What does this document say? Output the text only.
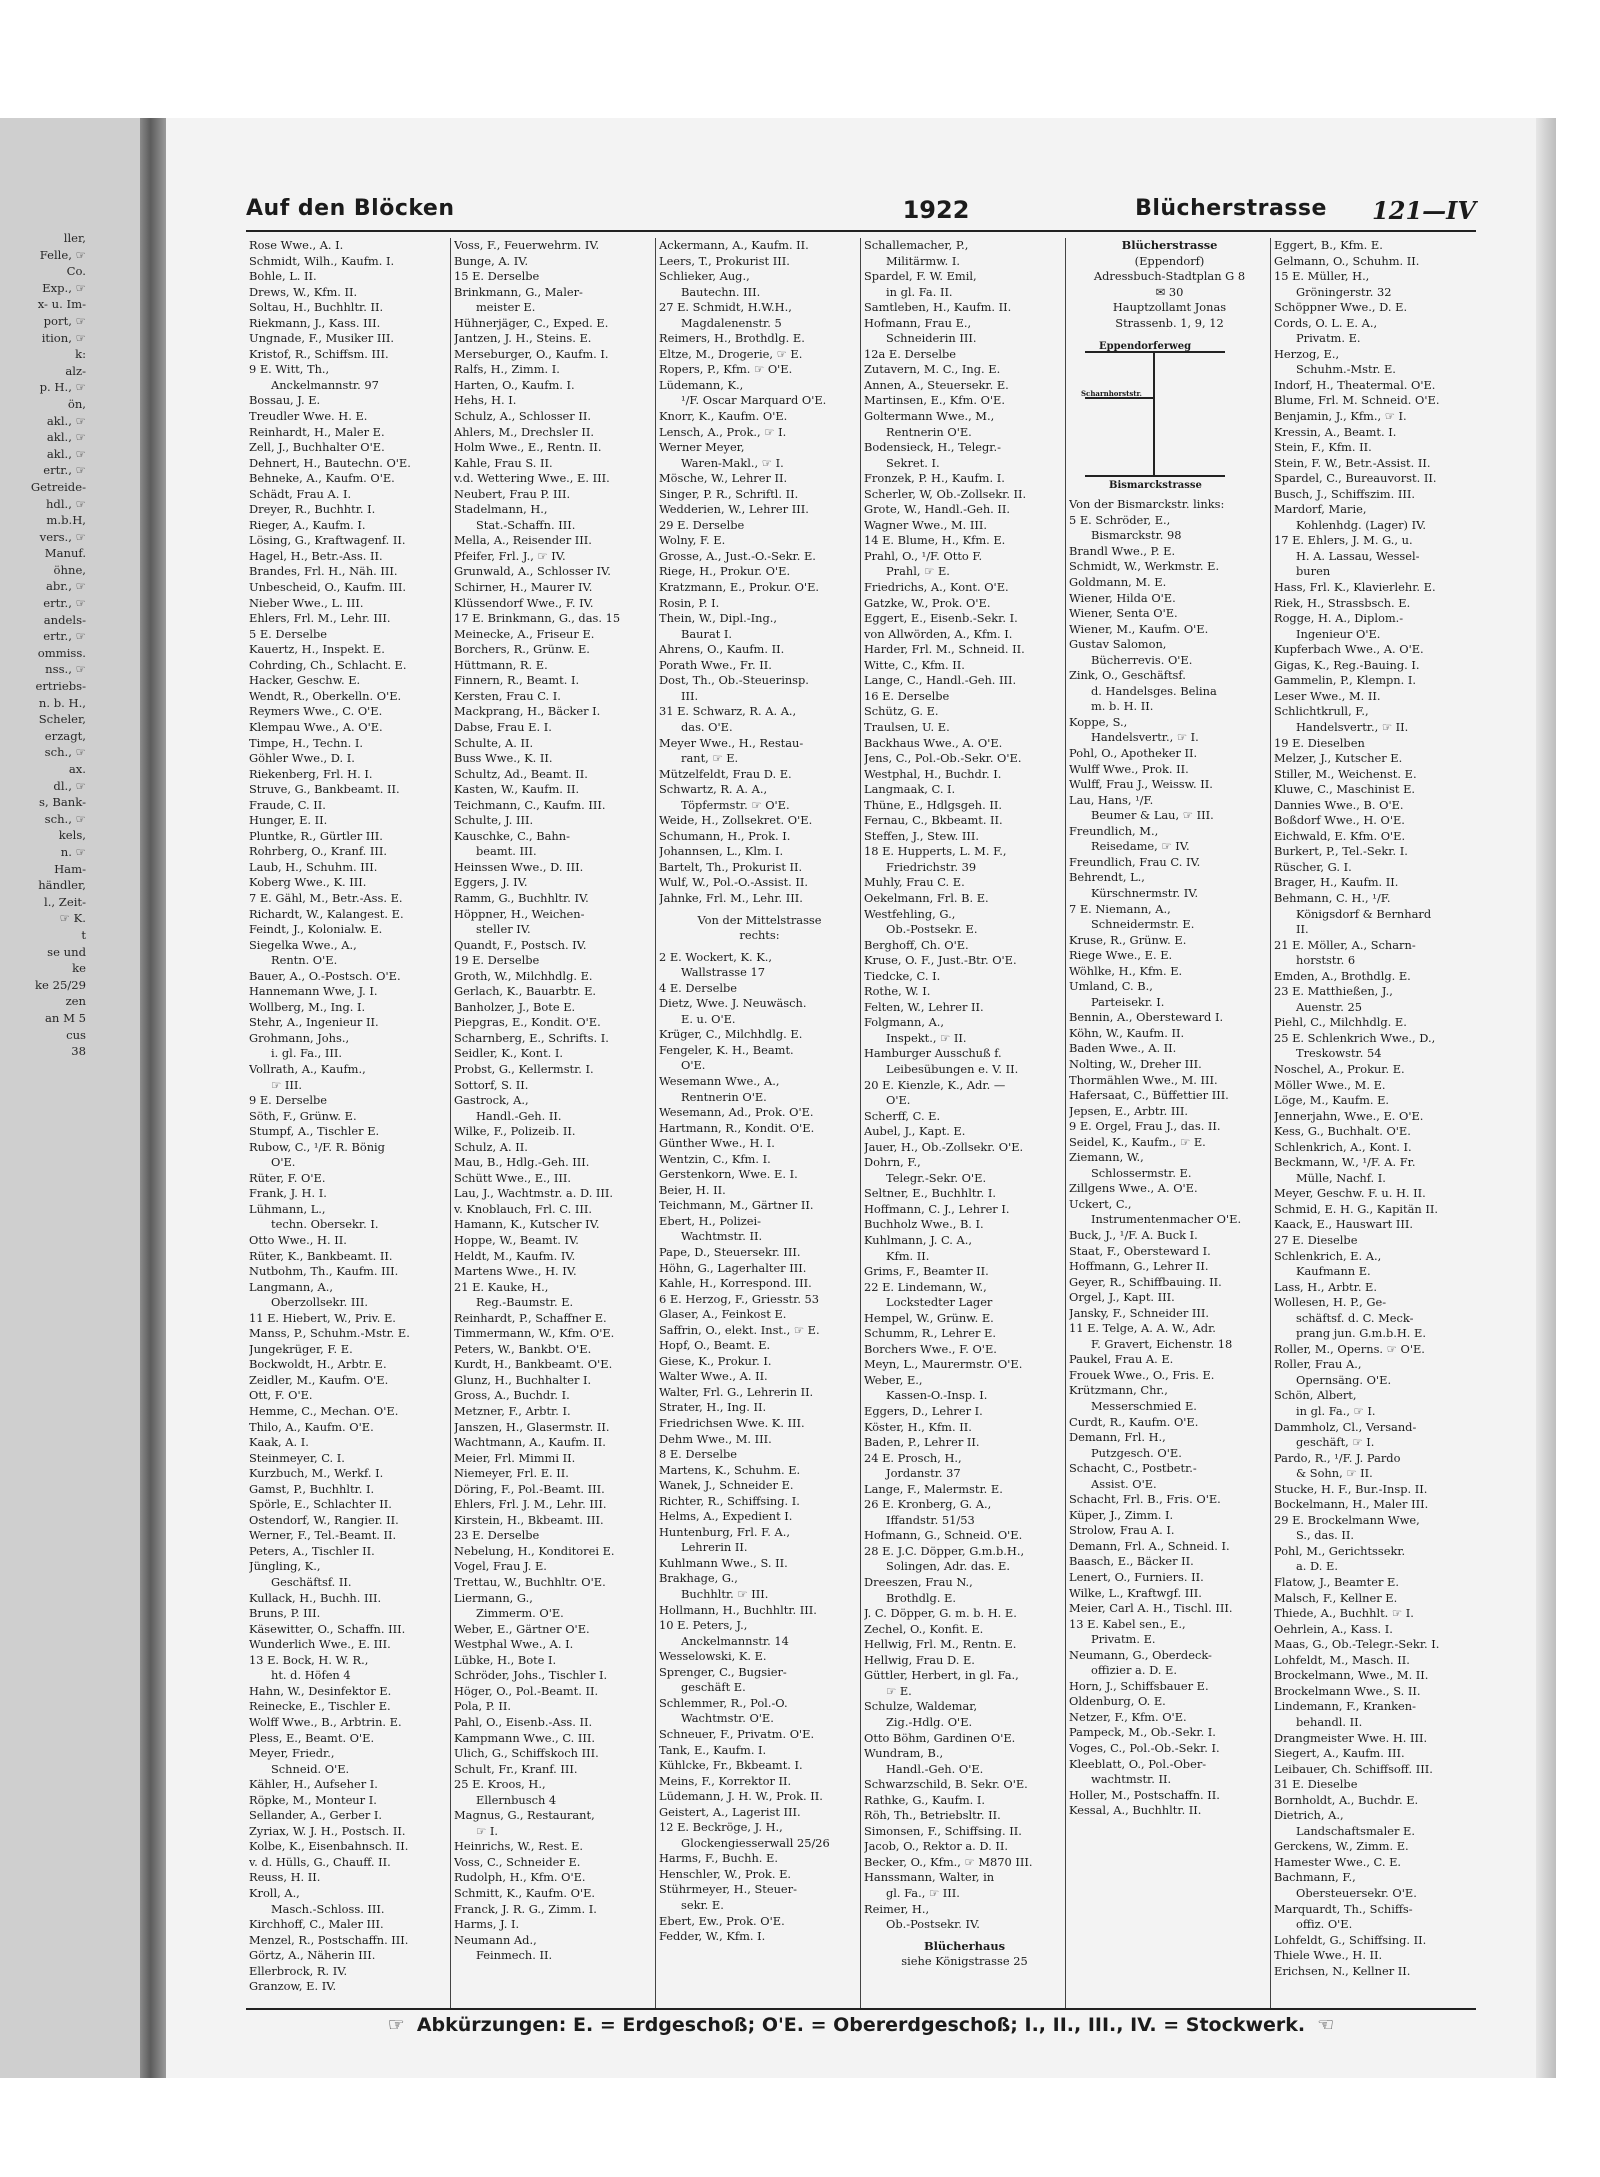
ller,
Felle, ☞
Co.
Exp., ☞
x- u. Im-
port, ☞
ition, ☞
k:
alz-
p. H., ☞
ön,
akl., ☞
akl., ☞
akl., ☞
ertr., ☞
Getreide-
hdl., ☞
m.b.H,
vers., ☞
Manuf.
öhne,
abr., ☞
ertr., ☞
andels-
ertr., ☞
ommiss.
nss., ☞
ertriebs-
n. b. H.,
Scheler,
erzagt,
sch., ☞
ax.
dl., ☞
s, Bank-
sch., ☞
kels,
n. ☞
Ham-
händler,
l., Zeit-
☞ K.
t
se und
ke
ke 25/29
zen
an M 5
cus
38
Auf den Blöcken	1922	Blücherstrasse 121—IV
Rose Wwe., A. I.
Schmidt, Wilh., Kaufm. I.
Bohle, L. II.
Drews, W., Kfm. II.
Soltau, H., Buchhltr. II.
Riekmann, J., Kass. III.
Ungnade, F., Musiker III.
Kristof, R., Schiffsm. III.
9 E. Witt, Th.,
Anckelmannstr. 97
Bossau, J. E.
Treudler Wwe. H. E.
Reinhardt, H., Maler E.
Zell, J., Buchhalter O'E.
Dehnert, H., Bautechn. O'E.
Behneke, A., Kaufm. O'E.
Schädt, Frau A. I.
Dreyer, R., Buchhtr. I.
Rieger, A., Kaufm. I.
Lösing, G., Kraftwagenf. II.
Hagel, H., Betr.-Ass. II.
Brandes, Frl. H., Näh. III.
Unbescheid, O., Kaufm. III.
Nieber Wwe., L. III.
Ehlers, Frl. M., Lehr. III.
5 E. Derselbe
Kauertz, H., Inspekt. E.
Cohrding, Ch., Schlacht. E.
Hacker, Geschw. E.
Wendt, R., Oberkelln. O'E.
Reymers Wwe., C. O'E.
Klempau Wwe., A. O'E.
Timpe, H., Techn. I.
Göhler Wwe., D. I.
Riekenberg, Frl. H. I.
Struve, G., Bankbeamt. II.
Fraude, C. II.
Hunger, E. II.
Pluntke, R., Gürtler III.
Rohrberg, O., Kranf. III.
Laub, H., Schuhm. III.
Koberg Wwe., K. III.
7 E. Gähl, M., Betr.-Ass. E.
Richardt, W., Kalangest. E.
Feindt, J., Kolonialw. E.
Siegelka Wwe., A.,
Rentn. O'E.
Bauer, A., O.-Postsch. O'E.
Hannemann Wwe, J. I.
Wollberg, M., Ing. I.
Stehr, A., Ingenieur II.
Grohmann, Johs.,
i. gl. Fa., III.
Vollrath, A., Kaufm.,
☞ III.
9 E. Derselbe
Söth, F., Grünw. E.
Stumpf, A., Tischler E.
Rubow, C., ¹/F. R. Bönig
O'E.
Rüter, F. O'E.
Frank, J. H. I.
Lühmann, L.,
techn. Obersekr. I.
Otto Wwe., H. II.
Rüter, K., Bankbeamt. II.
Nutbohm, Th., Kaufm. III.
Langmann, A.,
Oberzollsekr. III.
11 E. Hiebert, W., Priv. E.
Manss, P., Schuhm.-Mstr. E.
Jungekrüger, F. E.
Bockwoldt, H., Arbtr. E.
Zeidler, M., Kaufm. O'E.
Ott, F. O'E.
Hemme, C., Mechan. O'E.
Thilo, A., Kaufm. O'E.
Kaak, A. I.
Steinmeyer, C. I.
Kurzbuch, M., Werkf. I.
Gamst, P., Buchhltr. I.
Spörle, E., Schlachter II.
Ostendorf, W., Rangier. II.
Werner, F., Tel.-Beamt. II.
Peters, A., Tischler II.
Jüngling, K.,
Geschäftsf. II.
Kullack, H., Buchh. III.
Bruns, P. III.
Käsewitter, O., Schaffn. III.
Wunderlich Wwe., E. III.
13 E. Bock, H. W. R.,
ht. d. Höfen 4
Hahn, W., Desinfektor E.
Reinecke, E., Tischler E.
Wolff Wwe., B., Arbtrin. E.
Pless, E., Beamt. O'E.
Meyer, Friedr.,
Schneid. O'E.
Kähler, H., Aufseher I.
Röpke, M., Monteur I.
Sellander, A., Gerber I.
Zyriax, W. J. H., Postsch. II.
Kolbe, K., Eisenbahnsch. II.
v. d. Hülls, G., Chauff. II.
Reuss, H. II.
Kroll, A.,
Masch.-Schloss. III.
Kirchhoff, C., Maler III.
Menzel, R., Postschaffn. III.
Görtz, A., Näherin III.
Ellerbrock, R. IV.
Granzow, E. IV.
Voss, F., Feuerwehrm. IV.
Bunge, A. IV.
15 E. Derselbe
Brinkmann, G., Maler-
meister E.
Hühnerjäger, C., Exped. E.
Jantzen, J. H., Steins. E.
Merseburger, O., Kaufm. I.
Ralfs, H., Zimm. I.
Harten, O., Kaufm. I.
Hehs, H. I.
Schulz, A., Schlosser II.
Ahlers, M., Drechsler II.
Holm Wwe., E., Rentn. II.
Kahle, Frau S. II.
v.d. Wettering Wwe., E. III.
Neubert, Frau P. III.
Stadelmann, H.,
Stat.-Schaffn. III.
Mella, A., Reisender III.
Pfeifer, Frl. J., ☞ IV.
Grunwald, A., Schlosser IV.
Schirner, H., Maurer IV.
Klüssendorf Wwe., F. IV.
17 E. Brinkmann, G., das. 15
Meinecke, A., Friseur E.
Borchers, R., Grünw. E.
Hüttmann, R. E.
Finnern, R., Beamt. I.
Kersten, Frau C. I.
Mackprang, H., Bäcker I.
Dabse, Frau E. I.
Schulte, A. II.
Buss Wwe., K. II.
Schultz, Ad., Beamt. II.
Kasten, W., Kaufm. II.
Teichmann, C., Kaufm. III.
Schulte, J. III.
Kauschke, C., Bahn-
beamt. III.
Heinssen Wwe., D. III.
Eggers, J. IV.
Ramm, G., Buchhltr. IV.
Höppner, H., Weichen-
steller IV.
Quandt, F., Postsch. IV.
19 E. Derselbe
Groth, W., Milchhdlg. E.
Gerlach, K., Bauarbtr. E.
Banholzer, J., Bote E.
Piepgras, E., Kondit. O'E.
Scharnberg, E., Schrifts. I.
Seidler, K., Kont. I.
Probst, G., Kellermstr. I.
Sottorf, S. II.
Gastrock, A.,
Handl.-Geh. II.
Wilke, F., Polizeib. II.
Schulz, A. II.
Mau, B., Hdlg.-Geh. III.
Schütt Wwe., E., III.
Lau, J., Wachtmstr. a. D. III.
v. Knoblauch, Frl. C. III.
Hamann, K., Kutscher IV.
Hoppe, W., Beamt. IV.
Heldt, M., Kaufm. IV.
Martens Wwe., H. IV.
21 E. Kauke, H.,
Reg.-Baumstr. E.
Reinhardt, P., Schaffner E.
Timmermann, W., Kfm. O'E.
Peters, W., Bankbt. O'E.
Kurdt, H., Bankbeamt. O'E.
Glunz, H., Buchhalter I.
Gross, A., Buchdr. I.
Metzner, F., Arbtr. I.
Janszen, H., Glasermstr. II.
Wachtmann, A., Kaufm. II.
Meier, Frl. Mimmi II.
Niemeyer, Frl. E. II.
Döring, F., Pol.-Beamt. III.
Ehlers, Frl. J. M., Lehr. III.
Kirstein, H., Bkbeamt. III.
23 E. Derselbe
Nebelung, H., Konditorei E.
Vogel, Frau J. E.
Trettau, W., Buchhltr. O'E.
Liermann, G.,
Zimmerm. O'E.
Weber, E., Gärtner O'E.
Westphal Wwe., A. I.
Lübke, H., Bote I.
Schröder, Johs., Tischler I.
Höger, O., Pol.-Beamt. II.
Pola, P. II.
Pahl, O., Eisenb.-Ass. II.
Kampmann Wwe., C. III.
Ulich, G., Schiffskoch III.
Schult, Fr., Kranf. III.
25 E. Kroos, H.,
Ellernbusch 4
Magnus, G., Restaurant,
☞ I.
Heinrichs, W., Rest. E.
Voss, C., Schneider E.
Rudolph, H., Kfm. O'E.
Schmitt, K., Kaufm. O'E.
Franck, J. R. G., Zimm. I.
Harms, J. I.
Neumann Ad.,
Feinmech. II.
Ackermann, A., Kaufm. II.
Leers, T., Prokurist III.
Schlieker, Aug.,
Bautechn. III.
27 E. Schmidt, H.W.H.,
Magdalenenstr. 5
Reimers, H., Brothdlg. E.
Eltze, M., Drogerie, ☞ E.
Ropers, P., Kfm. ☞ O'E.
Lüdemann, K.,
¹/F. Oscar Marquard O'E.
Knorr, K., Kaufm. O'E.
Lensch, A., Prok., ☞ I.
Werner Meyer,
Waren-Makl., ☞ I.
Mösche, W., Lehrer II.
Singer, P. R., Schriftl. II.
Wedderien, W., Lehrer III.
29 E. Derselbe
Wolny, F. E.
Grosse, A., Just.-O.-Sekr. E.
Riege, H., Prokur. O'E.
Kratzmann, E., Prokur. O'E.
Rosin, P. I.
Thein, W., Dipl.-Ing.,
Baurat I.
Ahrens, O., Kaufm. II.
Porath Wwe., Fr. II.
Dost, Th., Ob.-Steuerinsp.
III.
31 E. Schwarz, R. A. A.,
das. O'E.
Meyer Wwe., H., Restau-
rant, ☞ E.
Mützelfeldt, Frau D. E.
Schwartz, R. A. A.,
Töpfermstr. ☞ O'E.
Weide, H., Zollsekret. O'E.
Schumann, H., Prok. I.
Johannsen, L., Klm. I.
Bartelt, Th., Prokurist II.
Wulf, W., Pol.-O.-Assist. II.
Jahnke, Frl. M., Lehr. III.
Von der Mittelstrasse
rechts:
2 E. Wockert, K. K.,
Wallstrasse 17
4 E. Derselbe
Dietz, Wwe. J. Neuwäsch.
E. u. O'E.
Krüger, C., Milchhdlg. E.
Fengeler, K. H., Beamt.
O'E.
Wesemann Wwe., A.,
Rentnerin O'E.
Wesemann, Ad., Prok. O'E.
Hartmann, R., Kondit. O'E.
Günther Wwe., H. I.
Wentzin, C., Kfm. I.
Gerstenkorn, Wwe. E. I.
Beier, H. II.
Teichmann, M., Gärtner II.
Ebert, H., Polizei-
Wachtmstr. II.
Pape, D., Steuersekr. III.
Höhn, G., Lagerhalter III.
Kahle, H., Korrespond. III.
6 E. Herzog, F., Griesstr. 53
Glaser, A., Feinkost E.
Saffrin, O., elekt. Inst., ☞ E.
Hopf, O., Beamt. E.
Giese, K., Prokur. I.
Walter Wwe., A. II.
Walter, Frl. G., Lehrerin II.
Strater, H., Ing. II.
Friedrichsen Wwe. K. III.
Dehm Wwe., M. III.
8 E. Derselbe
Martens, K., Schuhm. E.
Wanek, J., Schneider E.
Richter, R., Schiffsing. I.
Helms, A., Expedient I.
Huntenburg, Frl. F. A.,
Lehrerin II.
Kuhlmann Wwe., S. II.
Brakhage, G.,
Buchhltr. ☞ III.
Hollmann, H., Buchhltr. III.
10 E. Peters, J.,
Anckelmannstr. 14
Wesselowski, K. E.
Sprenger, C., Bugsier-
geschäft E.
Schlemmer, R., Pol.-O.
Wachtmstr. O'E.
Schneuer, F., Privatm. O'E.
Tank, E., Kaufm. I.
Kühlcke, Fr., Bkbeamt. I.
Meins, F., Korrektor II.
Lüdemann, J. H. W., Prok. II.
Geistert, A., Lagerist III.
12 E. Beckröge, J. H.,
Glockengiesserwall 25/26
Harms, F., Buchh. E.
Henschler, W., Prok. E.
Stührmeyer, H., Steuer-
sekr. E.
Ebert, Ew., Prok. O'E.
Fedder, W., Kfm. I.
Schallemacher, P.,
Militärmw. I.
Spardel, F. W. Emil,
in gl. Fa. II.
Samtleben, H., Kaufm. II.
Hofmann, Frau E.,
Schneiderin III.
12a E. Derselbe
Zutavern, M. C., Ing. E.
Annen, A., Steuersekr. E.
Martinsen, E., Kfm. O'E.
Goltermann Wwe., M.,
Rentnerin O'E.
Bodensieck, H., Telegr.-
Sekret. I.
Fronzek, P. H., Kaufm. I.
Scherler, W, Ob.-Zollsekr. II.
Grote, W., Handl.-Geh. II.
Wagner Wwe., M. III.
14 E. Blume, H., Kfm. E.
Prahl, O., ¹/F. Otto F.
Prahl, ☞ E.
Friedrichs, A., Kont. O'E.
Gatzke, W., Prok. O'E.
Eggert, E., Eisenb.-Sekr. I.
von Allwörden, A., Kfm. I.
Harder, Frl. M., Schneid. II.
Witte, C., Kfm. II.
Lange, C., Handl.-Geh. III.
16 E. Derselbe
Schütz, G. E.
Traulsen, U. E.
Backhaus Wwe., A. O'E.
Jens, C., Pol.-Ob.-Sekr. O'E.
Westphal, H., Buchdr. I.
Langmaak, C. I.
Thüne, E., Hdlgsgeh. II.
Fernau, C., Bkbeamt. II.
Steffen, J., Stew. III.
18 E. Hupperts, L. M. F.,
Friedrichstr. 39
Muhly, Frau C. E.
Oekelmann, Frl. B. E.
Westfehling, G.,
Ob.-Postsekr. E.
Berghoff, Ch. O'E.
Kruse, O. F., Just.-Btr. O'E.
Tiedcke, C. I.
Rothe, W. I.
Felten, W., Lehrer II.
Folgmann, A.,
Inspekt., ☞ II.
Hamburger Ausschuß f.
Leibesübungen e. V. II.
20 E. Kienzle, K., Adr. —
O'E.
Scherff, C. E.
Aubel, J., Kapt. E.
Jauer, H., Ob.-Zollsekr. O'E.
Dohrn, F.,
Telegr.-Sekr. O'E.
Seltner, E., Buchhltr. I.
Hoffmann, C. J., Lehrer I.
Buchholz Wwe., B. I.
Kuhlmann, J. C. A.,
Kfm. II.
Grims, F., Beamter II.
22 E. Lindemann, W.,
Lockstedter Lager
Hempel, W., Grünw. E.
Schumm, R., Lehrer E.
Borchers Wwe., F. O'E.
Meyn, L., Maurermstr. O'E.
Weber, E.,
Kassen-O.-Insp. I.
Eggers, D., Lehrer I.
Köster, H., Kfm. II.
Baden, P., Lehrer II.
24 E. Prosch, H.,
Jordanstr. 37
Lange, F., Malermstr. E.
26 E. Kronberg, G. A.,
Iffandstr. 51/53
Hofmann, G., Schneid. O'E.
28 E. J.C. Döpper, G.m.b.H.,
Solingen, Adr. das. E.
Dreeszen, Frau N.,
Brothdlg. E.
J. C. Döpper, G. m. b. H. E.
Zechel, O., Konfit. E.
Hellwig, Frl. M., Rentn. E.
Hellwig, Frau D. E.
Güttler, Herbert, in gl. Fa.,
☞ E.
Schulze, Waldemar,
Zig.-Hdlg. O'E.
Otto Böhm, Gardinen O'E.
Wundram, B.,
Handl.-Geh. O'E.
Schwarzschild, B. Sekr. O'E.
Rathke, G., Kaufm. I.
Röh, Th., Betriebsltr. II.
Simonsen, F., Schiffsing. II.
Jacob, O., Rektor a. D. II.
Becker, O., Kfm., ☞ M870 III.
Hanssmann, Walter, in
gl. Fa., ☞ III.
Reimer, H.,
Ob.-Postsekr. IV.
Blücherhaus
siehe Königstrasse 25
Blücherstrasse
(Eppendorf)
Adressbuch-Stadtplan G 8
✉ 30
Hauptzollamt Jonas
Strassenb. 1, 9, 12
Eppendorferweg
Scharnhorststr.
Bismarckstrasse
Von der Bismarckstr. links:
5 E. Schröder, E.,
Bismarckstr. 98
Brandl Wwe., P. E.
Schmidt, W., Werkmstr. E.
Goldmann, M. E.
Wiener, Hilda O'E.
Wiener, Senta O'E.
Wiener, M., Kaufm. O'E.
Gustav Salomon,
Bücherrevis. O'E.
Zink, O., Geschäftsf.
d. Handelsges. Belina
m. b. H. II.
Koppe, S.,
Handelsvertr., ☞ I.
Pohl, O., Apotheker II.
Wulff Wwe., Prok. II.
Wulff, Frau J., Weissw. II.
Lau, Hans, ¹/F.
Beumer & Lau, ☞ III.
Freundlich, M.,
Reisedame, ☞ IV.
Freundlich, Frau C. IV.
Behrendt, L.,
Kürschnermstr. IV.
7 E. Niemann, A.,
Schneidermstr. E.
Kruse, R., Grünw. E.
Riege Wwe., E. E.
Wöhlke, H., Kfm. E.
Umland, C. B.,
Parteisekr. I.
Bennin, A., Obersteward I.
Köhn, W., Kaufm. II.
Baden Wwe., A. II.
Nolting, W., Dreher III.
Thormählen Wwe., M. III.
Hafersaat, C., Büffettier III.
Jepsen, E., Arbtr. III.
9 E. Orgel, Frau J., das. II.
Seidel, K., Kaufm., ☞ E.
Ziemann, W.,
Schlossermstr. E.
Zillgens Wwe., A. O'E.
Uckert, C.,
Instrumentenmacher O'E.
Buck, J., ¹/F. A. Buck I.
Staat, F., Obersteward I.
Hoffmann, G., Lehrer II.
Geyer, R., Schiffbauing. II.
Orgel, J., Kapt. III.
Jansky, F., Schneider III.
11 E. Telge, A. A. W., Adr.
F. Gravert, Eichenstr. 18
Paukel, Frau A. E.
Frouek Wwe., O., Fris. E.
Krützmann, Chr.,
Messerschmied E.
Curdt, R., Kaufm. O'E.
Demann, Frl. H.,
Putzgesch. O'E.
Schacht, C., Postbetr.-
Assist. O'E.
Schacht, Frl. B., Fris. O'E.
Küper, J., Zimm. I.
Strolow, Frau A. I.
Demann, Frl. A., Schneid. I.
Baasch, E., Bäcker II.
Lenert, O., Furniers. II.
Wilke, L., Kraftwgf. III.
Meier, Carl A. H., Tischl. III.
13 E. Kabel sen., E.,
Privatm. E.
Neumann, G., Oberdeck-
offizier a. D. E.
Horn, J., Schiffsbauer E.
Oldenburg, O. E.
Netzer, F., Kfm. O'E.
Pampeck, M., Ob.-Sekr. I.
Voges, C., Pol.-Ob.-Sekr. I.
Kleeblatt, O., Pol.-Ober-
wachtmstr. II.
Holler, M., Postschaffn. II.
Kessal, A., Buchhltr. II.
Eggert, B., Kfm. E.
Gelmann, O., Schuhm. II.
15 E. Müller, H.,
Gröningerstr. 32
Schöppner Wwe., D. E.
Cords, O. L. E. A.,
Privatm. E.
Herzog, E.,
Schuhm.-Mstr. E.
Indorf, H., Theatermal. O'E.
Blume, Frl. M. Schneid. O'E.
Benjamin, J., Kfm., ☞ I.
Kressin, A., Beamt. I.
Stein, F., Kfm. II.
Stein, F. W., Betr.-Assist. II.
Spardel, C., Bureauvorst. II.
Busch, J., Schiffszim. III.
Mardorf, Marie,
Kohlenhdg. (Lager) IV.
17 E. Ehlers, J. M. G., u.
H. A. Lassau, Wessel-
buren
Hass, Frl. K., Klavierlehr. E.
Riek, H., Strassbsch. E.
Rogge, H. A., Diplom.-
Ingenieur O'E.
Kupferbach Wwe., A. O'E.
Gigas, K., Reg.-Bauing. I.
Gammelin, P., Klempn. I.
Leser Wwe., M. II.
Schlichtkrull, F.,
Handelsvertr., ☞ II.
19 E. Dieselben
Melzer, J., Kutscher E.
Stiller, M., Weichenst. E.
Kluwe, C., Maschinist E.
Dannies Wwe., B. O'E.
Boßdorf Wwe., H. O'E.
Eichwald, E. Kfm. O'E.
Burkert, P., Tel.-Sekr. I.
Rüscher, G. I.
Brager, H., Kaufm. II.
Behmann, C. H., ¹/F.
Königsdorf & Bernhard
II.
21 E. Möller, A., Scharn-
horststr. 6
Emden, A., Brothdlg. E.
23 E. Matthießen, J.,
Auenstr. 25
Piehl, C., Milchhdlg. E.
25 E. Schlenkrich Wwe., D.,
Treskowstr. 54
Noschel, A., Prokur. E.
Möller Wwe., M. E.
Löge, M., Kaufm. E.
Jennerjahn, Wwe., E. O'E.
Kess, G., Buchhalt. O'E.
Schlenkrich, A., Kont. I.
Beckmann, W., ¹/F. A. Fr.
Mülle, Nachf. I.
Meyer, Geschw. F. u. H. II.
Schmid, E. H. G., Kapitän II.
Kaack, E., Hauswart III.
27 E. Dieselbe
Schlenkrich, E. A.,
Kaufmann E.
Lass, H., Arbtr. E.
Wollesen, H. P., Ge-
schäftsf. d. C. Meck-
prang jun. G.m.b.H. E.
Roller, M., Operns. ☞ O'E.
Roller, Frau A.,
Opernsäng. O'E.
Schön, Albert,
in gl. Fa., ☞ I.
Dammholz, Cl., Versand-
geschäft, ☞ I.
Pardo, R., ¹/F. J. Pardo
& Sohn, ☞ II.
Stucke, H. F., Bur.-Insp. II.
Bockelmann, H., Maler III.
29 E. Brockelmann Wwe,
S., das. II.
Pohl, M., Gerichtssekr.
a. D. E.
Flatow, J., Beamter E.
Malsch, F., Kellner E.
Thiede, A., Buchhlt. ☞ I.
Oehrlein, A., Kass. I.
Maas, G., Ob.-Telegr.-Sekr. I.
Lohfeldt, M., Masch. II.
Brockelmann, Wwe., M. II.
Brockelmann Wwe., S. II.
Lindemann, F., Kranken-
behandl. II.
Drangmeister Wwe. H. III.
Siegert, A., Kaufm. III.
Leibauer, Ch. Schiffsoff. III.
31 E. Dieselbe
Bornholdt, A., Buchdr. E.
Dietrich, A.,
Landschaftsmaler E.
Gerckens, W., Zimm. E.
Hamester Wwe., C. E.
Bachmann, F.,
Obersteuersekr. O'E.
Marquardt, Th., Schiffs-
offiz. O'E.
Lohfeldt, G., Schiffsing. II.
Thiele Wwe., H. II.
Erichsen, N., Kellner II.
☞ Abkürzungen: E. = Erdgeschoß; O'E. = Obererdgeschoß; I., II., III., IV. = Stockwerk. ☜
